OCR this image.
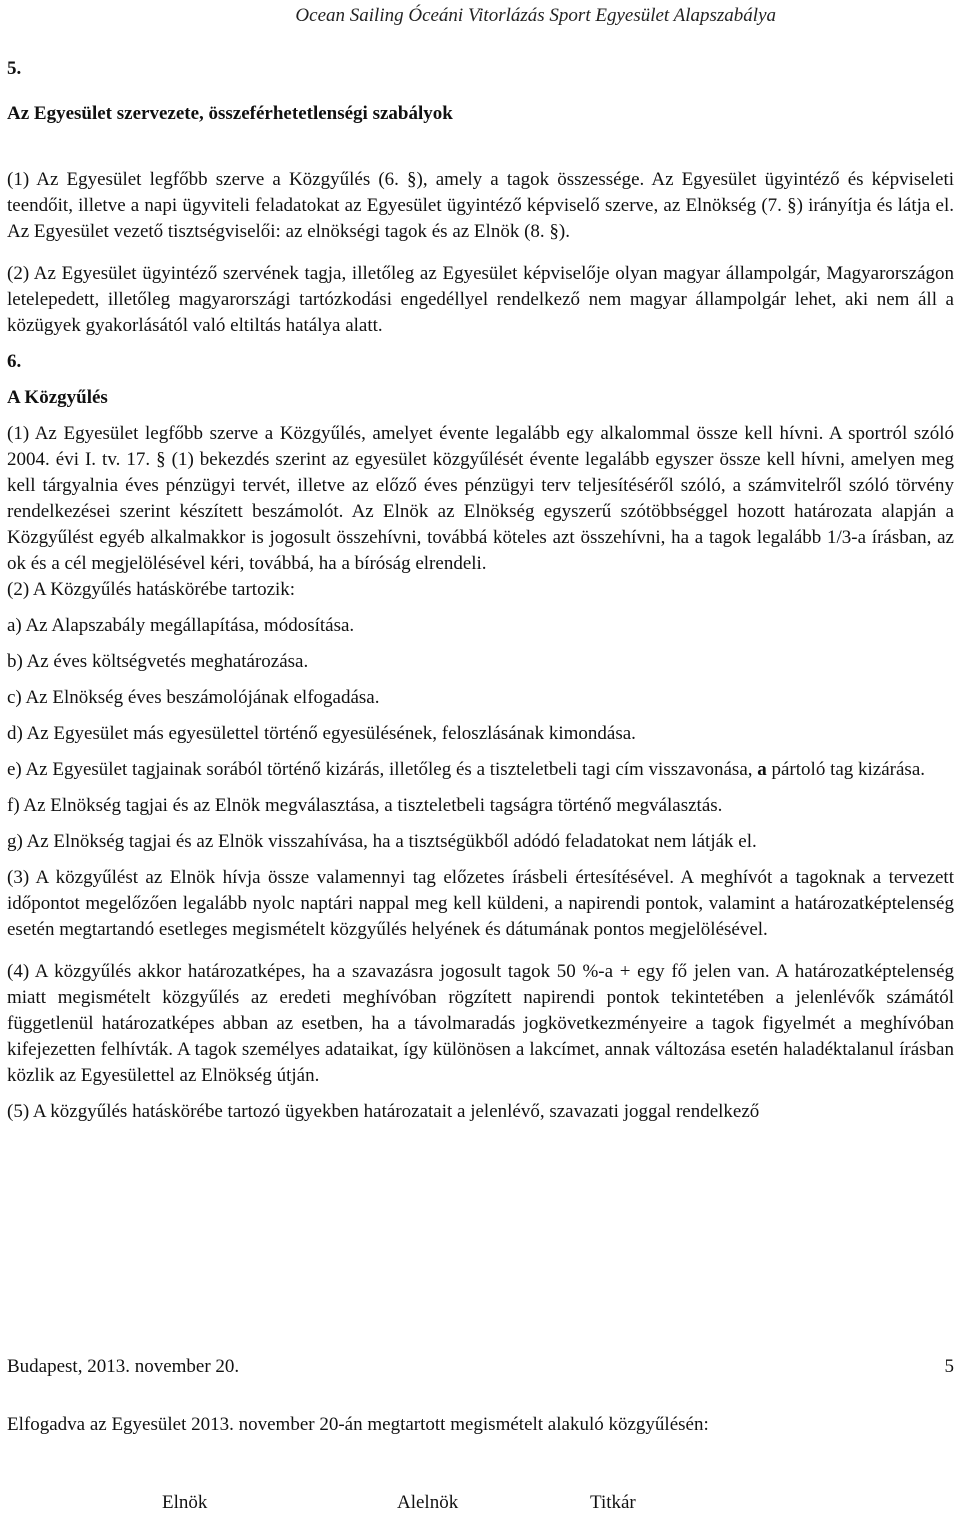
Ocean Sailing Óceáni Vitorlázás Sport Egyesület Alapszabálya

5.

Az Egyesület szervezete, összeférhetetlenségi szabályok

(1) Az Egyesület legfőbb szerve a Közgyűlés (6. §), amely a tagok összessége. Az Egyesület ügyintéző és képviseleti teendőit, illetve a napi ügyviteli feladatokat az Egyesület ügyintéző képviselő szerve, az Elnökség (7. §) irányítja és látja el. Az Egyesület vezető tisztségviselői: az elnökségi tagok és az Elnök (8. §).

(2) Az Egyesület ügyintéző szervének tagja, illetőleg az Egyesület képviselője olyan magyar állampolgár, Magyarországon letelepedett, illetőleg magyarországi tartózkodási engedéllyel rendelkező nem magyar állampolgár lehet, aki nem áll a közügyek gyakorlásától való eltiltás hatálya alatt.

6.

A Közgyűlés

(1) Az Egyesület legfőbb szerve a Közgyűlés, amelyet évente legalább egy alkalommal össze kell hívni. A sportról szóló 2004. évi I. tv. 17. § (1) bekezdés szerint az egyesület közgyűlését évente legalább egyszer össze kell hívni, amelyen meg kell tárgyalnia éves pénzügyi tervét, illetve az előző éves pénzügyi terv teljesítéséről szóló, a számvitelről szóló törvény rendelkezései szerint készített beszámolót. Az Elnök az Elnökség egyszerű szótöbbséggel hozott határozata alapján a Közgyűlést egyéb alkalmakkor is jogosult összehívni, továbbá köteles azt összehívni, ha a tagok legalább 1/3-a írásban, az ok és a cél megjelölésével kéri, továbbá, ha a bíróság elrendeli.

(2) A Közgyűlés hatáskörébe tartozik:

a) Az Alapszabály megállapítása, módosítása.

b) Az éves költségvetés meghatározása.

c) Az Elnökség éves beszámolójának elfogadása.

d) Az Egyesület más egyesülettel történő egyesülésének, feloszlásának kimondása.

e) Az Egyesület tagjainak sorából történő kizárás, illetőleg és a tiszteletbeli tagi cím visszavonása, a pártoló tag kizárása.

f) Az Elnökség tagjai és az Elnök megválasztása, a tiszteletbeli tagságra történő megválasztás.

g) Az Elnökség tagjai és az Elnök visszahívása, ha a tisztségükből adódó feladatokat nem látják el.

(3) A közgyűlést az Elnök hívja össze valamennyi tag előzetes írásbeli értesítésével. A meghívót a tagoknak a tervezett időpontot megelőzően legalább nyolc naptári nappal meg kell küldeni, a napirendi pontok, valamint a határozatképtelenség esetén megtartandó esetleges megismételt közgyűlés helyének és dátumának pontos megjelölésével.

(4) A közgyűlés akkor határozatképes, ha a szavazásra jogosult tagok 50 %-a + egy fő jelen van. A határozatképtelenség miatt megismételt közgyűlés az eredeti meghívóban rögzített napirendi pontok tekintetében a jelenlévők számától függetlenül határozatképes abban az esetben, ha a távolmaradás jogkövetkezményeire a tagok figyelmét a meghívóban kifejezetten felhívták. A tagok személyes adataikat, így különösen a lakcímet, annak változása esetén haladéktalanul írásban közlik az Egyesülettel az Elnökség útján.

(5) A közgyűlés hatáskörébe tartozó ügyekben határozatait a jelenlévő, szavazati joggal rendelkező

Budapest, 2013. november 20.	5
Elfogadva az Egyesület 2013. november 20-án megtartott megismételt alakuló közgyűlésén:
Elnök	Alelnök	Titkár
